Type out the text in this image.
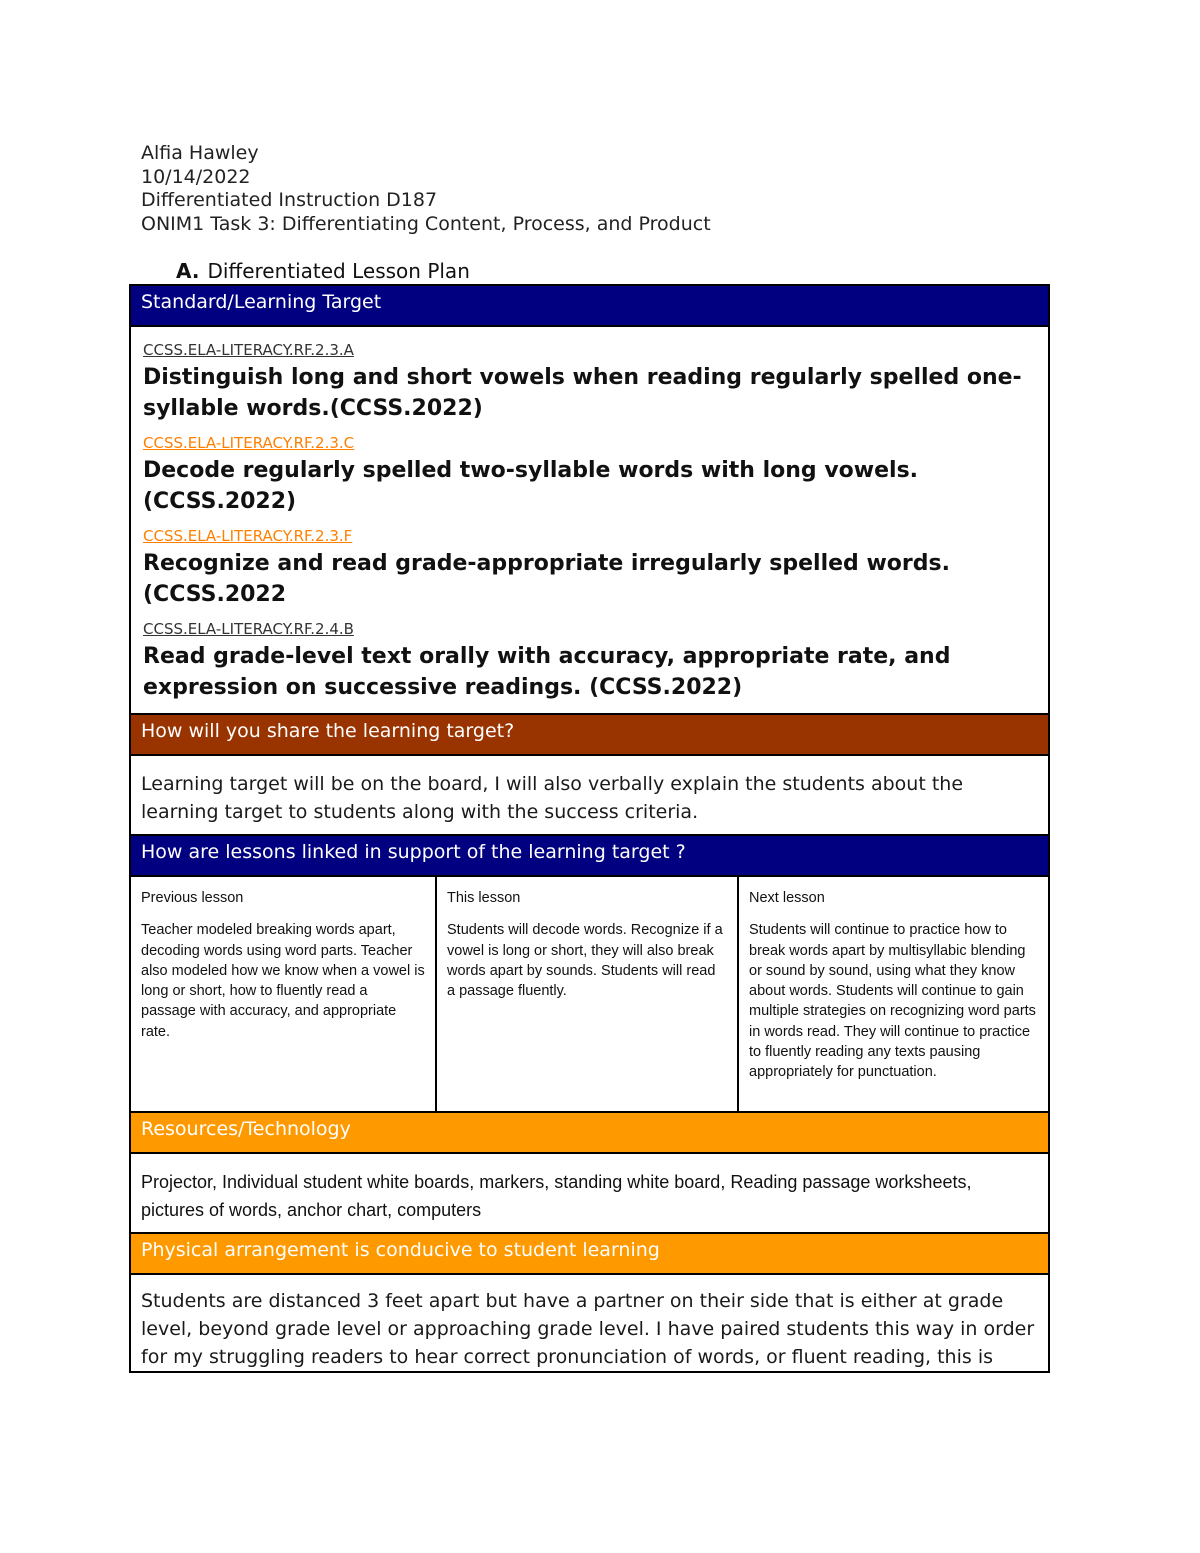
Alfia Hawley
10/14/2022
Differentiated Instruction D187
ONIM1 Task 3: Differentiating Content, Process, and Product
A. Differentiated Lesson Plan
Standard/Learning Target

CCSS.ELA-LITERACY.RF.2.3.A
Distinguish long and short vowels when reading regularly spelled one-syllable words.(CCSS.2022)
CCSS.ELA-LITERACY.RF.2.3.C
Decode regularly spelled two-syllable words with long vowels. (CCSS.2022)
CCSS.ELA-LITERACY.RF.2.3.F
Recognize and read grade-appropriate irregularly spelled words. (CCSS.2022
CCSS.ELA-LITERACY.RF.2.4.B
Read grade-level text orally with accuracy, appropriate rate, and expression on successive readings. (CCSS.2022)

How will you share the learning target?
Learning target will be on the board, I will also verbally explain the students about the learning target to students along with the success criteria.
How are lessons linked in support of the learning target ?

Previous lesson
Teacher modeled breaking words apart, decoding words using word parts. Teacher also modeled how we know when a vowel is long or short, how to fluently read a passage with accuracy, and appropriate rate.	
This lesson
Students will decode words. Recognize if a vowel is long or short, they will also break words apart by sounds. Students will read a passage fluently.	
Next lesson
Students will continue to practice how to break words apart by multisyllabic blending or sound by sound, using what they know about words. Students will continue to gain multiple strategies on recognizing word parts in words read. They will continue to practice to fluently reading any texts pausing appropriately for punctuation.
Resources/Technology
Projector, Individual student white boards, markers, standing white board, Reading passage worksheets, pictures of words, anchor chart, computers
Physical arrangement is conducive to student learning

Students are distanced 3 feet apart but have a partner on their side that is either at grade level, beyond grade level or approaching grade level. I have paired students this way in order for my struggling readers to hear correct pronunciation of words, or fluent reading, this is
